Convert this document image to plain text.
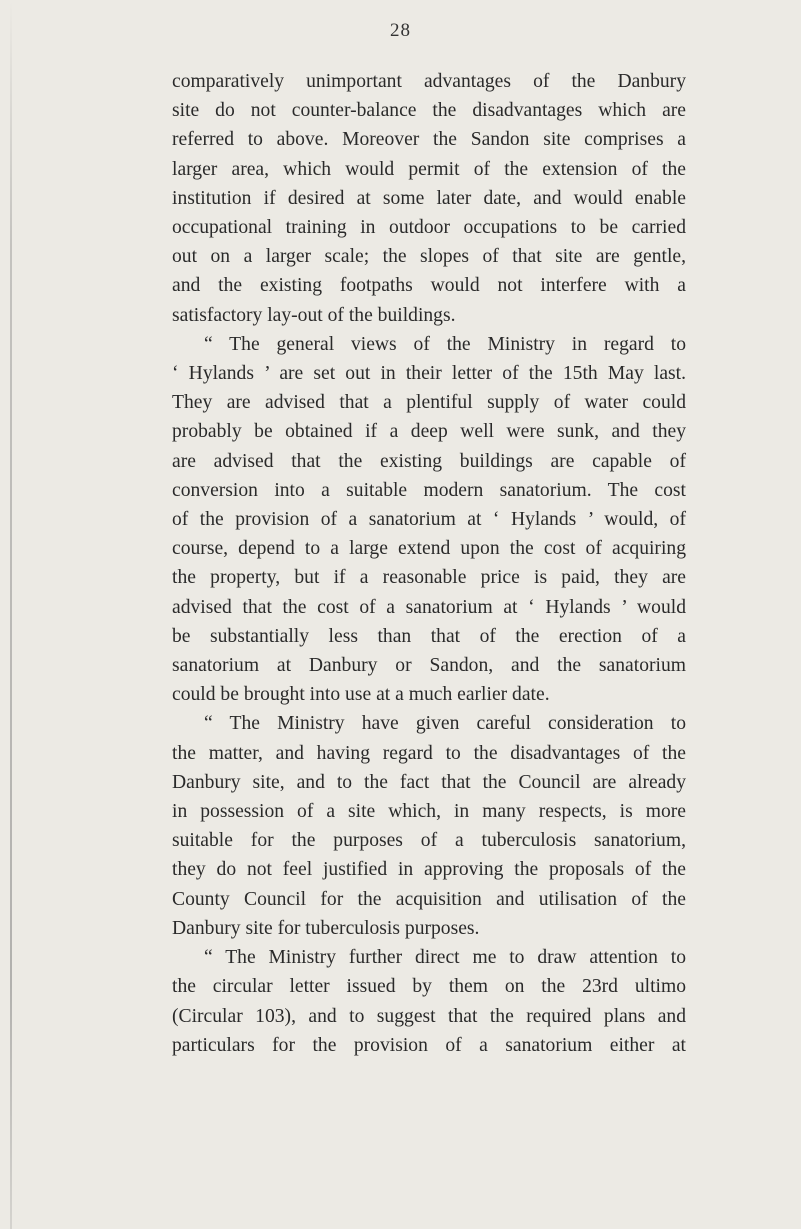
28

comparatively unimportant advantages of the Danbury
site do not counter-balance the disadvantages which are
referred to above. Moreover the Sandon site comprises a
larger area, which would permit of the extension of the
institution if desired at some later date, and would enable
occupational training in outdoor occupations to be carried
out on a larger scale; the slopes of that site are gentle,
and the existing footpaths would not interfere with a
satisfactory lay-out of the buildings.

“ The general views of the Ministry in regard to
‘ Hylands ’ are set out in their letter of the 15th May last.
They are advised that a plentiful supply of water could
probably be obtained if a deep well were sunk, and they
are advised that the existing buildings are capable of
conversion into a suitable modern sanatorium. The cost
of the provision of a sanatorium at ‘ Hylands ’ would, of
course, depend to a large extend upon the cost of acquiring
the property, but if a reasonable price is paid, they are
advised that the cost of a sanatorium at ‘ Hylands ’ would
be substantially less than that of the erection of a
sanatorium at Danbury or Sandon, and the sanatorium
could be brought into use at a much earlier date.

“ The Ministry have given careful consideration to
the matter, and having regard to the disadvantages of the
Danbury site, and to the fact that the Council are already
in possession of a site which, in many respects, is more
suitable for the purposes of a tuberculosis sanatorium,
they do not feel justified in approving the proposals of the
County Council for the acquisition and utilisation of the
Danbury site for tuberculosis purposes.

“ The Ministry further direct me to draw attention to
the circular letter issued by them on the 23rd ultimo
(Circular 103), and to suggest that the required plans and
particulars for the provision of a sanatorium either at
